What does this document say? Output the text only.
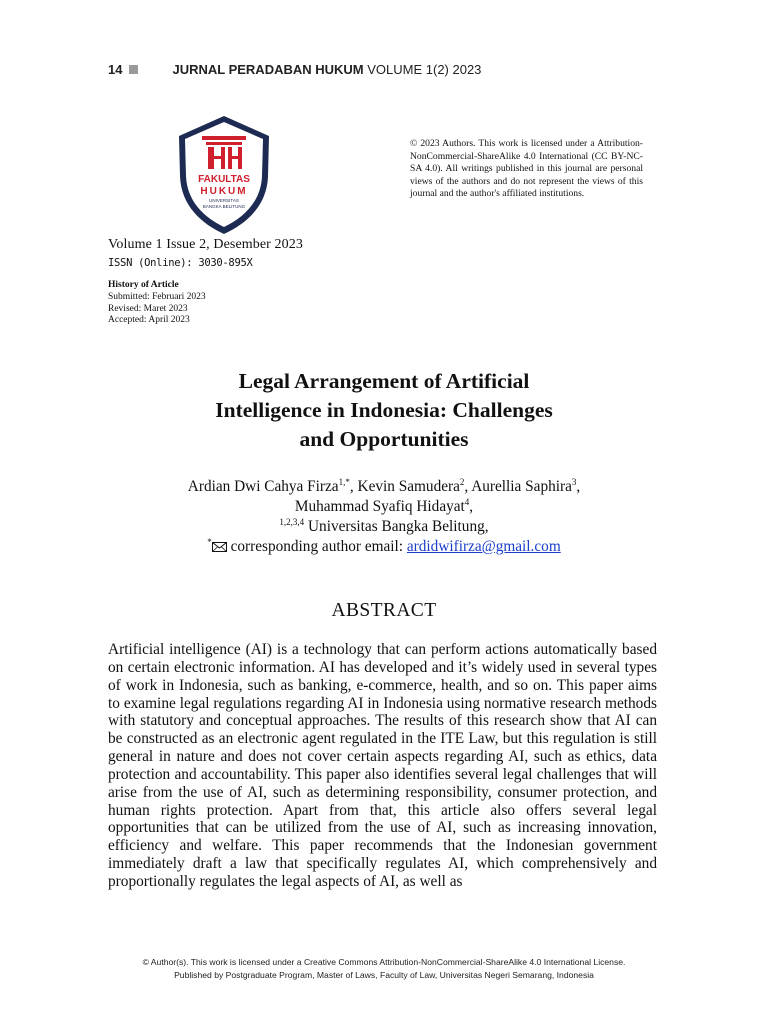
14	JURNAL PERADABAN HUKUM VOLUME 1(2) 2023
FAKULTAS
HUKUM
UNIVERSITAS
BANGKA BELITUNG
© 2023 Authors. This work is licensed under a Attribution-NonCommercial-ShareAlike 4.0 International (CC BY-NC-SA 4.0). All writings published in this journal are personal views of the authors and do not represent the views of this journal and the author's affiliated institutions.
Volume 1 Issue 2, Desember 2023
ISSN (Online): 3030-895X
History of Article
Submitted: Februari 2023
Revised: Maret 2023
Accepted: April 2023
Legal Arrangement of Artificial
Intelligence in Indonesia: Challenges
and Opportunities
Ardian Dwi Cahya Firza$^{1,*}$, Kevin Samudera$^2$, Aurellia Saphira$^3$,
Muhammad Syafiq Hidayat$^4$,
$^{1,2,3,4}$ Universitas Bangka Belitung,
* corresponding author email: ardidwifirza@gmail.com
ABSTRACT
Artificial intelligence (AI) is a technology that can perform actions automatically based on certain electronic information. AI has developed and it’s widely used in several types of work in Indonesia, such as banking, e-commerce, health, and so on. This paper aims to examine legal regulations regarding AI in Indonesia using normative research methods with statutory and conceptual approaches. The results of this research show that AI can be constructed as an electronic agent regulated in the ITE Law, but this regulation is still general in nature and does not cover certain aspects regarding AI, such as ethics, data protection and accountability. This paper also identifies several legal challenges that will arise from the use of AI, such as determining responsibility, consumer protection, and human rights protection. Apart from that, this article also offers several legal opportunities that can be utilized from the use of AI, such as increasing innovation, efficiency and welfare. This paper recommends that the Indonesian government immediately draft a law that specifically regulates AI, which comprehensively and proportionally regulates the legal aspects of AI, as well as
© Author(s). This work is licensed under a Creative Commons Attribution-NonCommercial-ShareAlike 4.0 International License.
Published by Postgraduate Program, Master of Laws, Faculty of Law, Universitas Negeri Semarang, Indonesia
